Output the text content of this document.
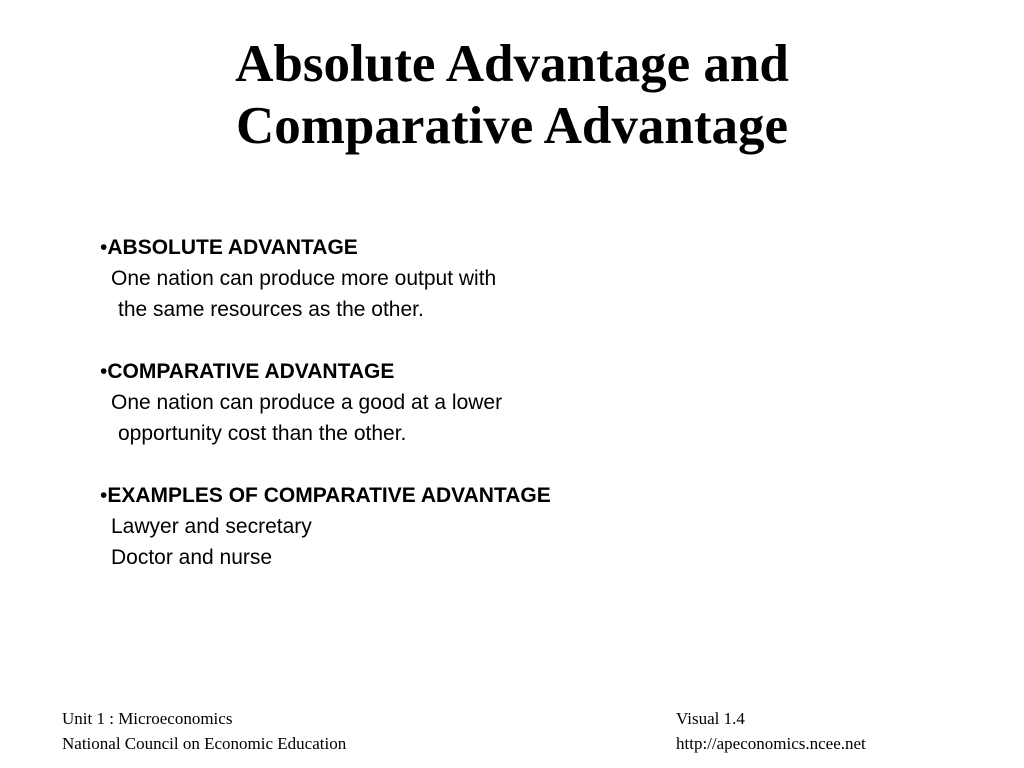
Absolute Advantage and
Comparative Advantage
•ABSOLUTE ADVANTAGE
One nation can produce more output with
the same resources as the other.
•COMPARATIVE ADVANTAGE
One nation can produce a good at a lower
opportunity cost than the other.
•EXAMPLES OF COMPARATIVE ADVANTAGE
Lawyer and secretary
Doctor and nurse
Unit 1 : Microeconomics
National Council on Economic Education
Visual 1.4
http://apeconomics.ncee.net
